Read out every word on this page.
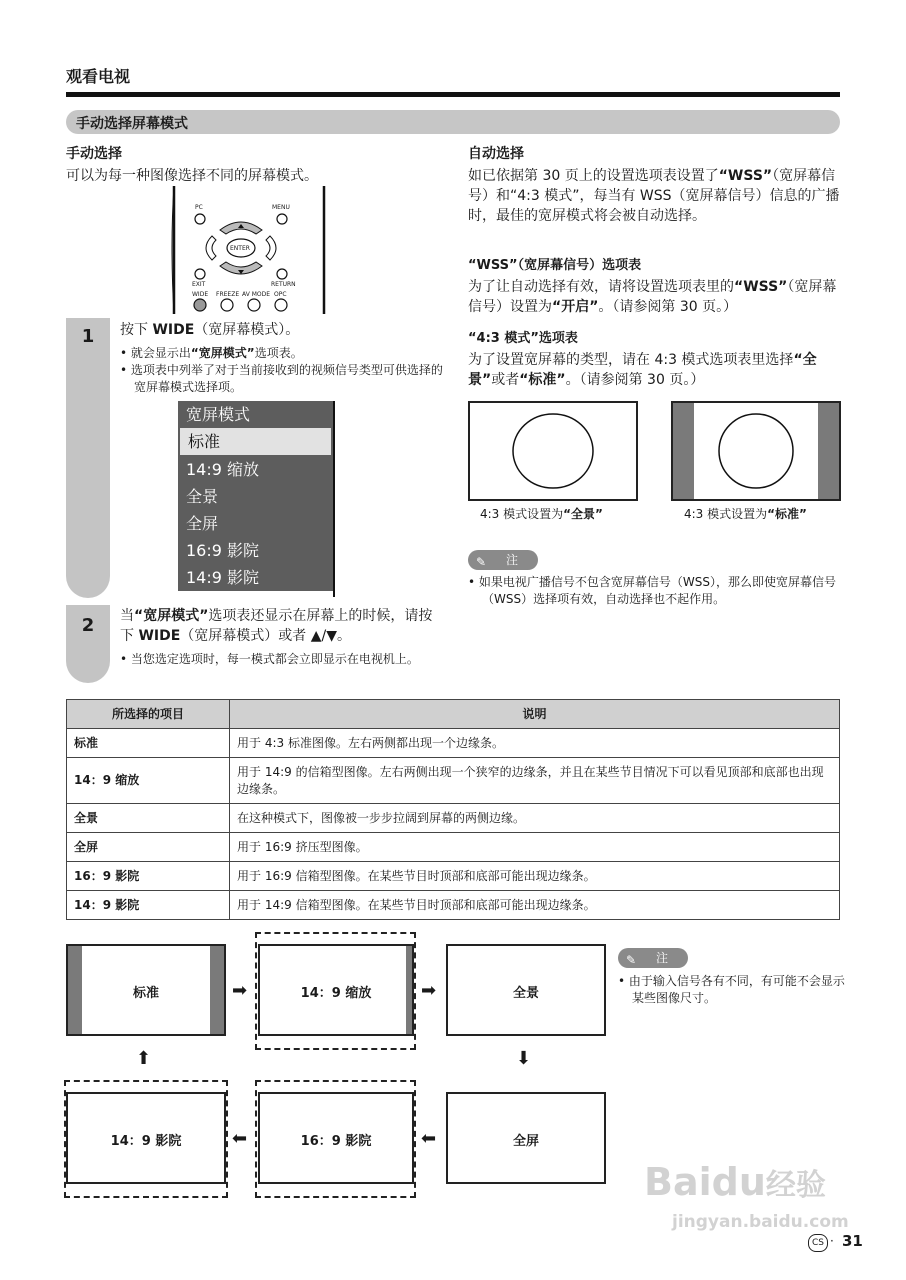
观看电视
手动选择屏幕模式
手动选择
可以为每一种图像选择不同的屏幕模式。
PC	MENU
ENTER
EXIT	RETURN
WIDE FREEZE AV MODE OPC
1	按下 WIDE（宽屏幕模式）。
• 就会显示出“宽屏模式”选项表。
• 选项表中列举了对于当前接收到的视频信号类型可供选择的宽屏幕模式选择项。
宽屏模式
标准
14:9 缩放
全景
全屏
16:9 影院
14:9 影院
2	当“宽屏模式”选项表还显示在屏幕上的时候，请按下 WIDE（宽屏幕模式）或者 ▲/▼。
• 当您选定选项时，每一模式都会立即显示在电视机上。
自动选择
如已依据第 30 页上的设置选项表设置了“WSS”（宽屏幕信号）和“4:3 模式”，每当有 WSS（宽屏幕信号）信息的广播时，最佳的宽屏模式将会被自动选择。
“WSS”（宽屏幕信号）选项表
为了让自动选择有效，请将设置选项表里的“WSS”（宽屏幕信号）设置为“开启”。（请参阅第 30 页。）
“4:3 模式”选项表
为了设置宽屏幕的类型，请在 4:3 模式选项表里选择“全景”或者“标准”。（请参阅第 30 页。）
4:3 模式设置为“全景”	4:3 模式设置为“标准”
✎ 注
• 如果电视广播信号不包含宽屏幕信号（WSS），那么即使宽屏幕信号（WSS）选择项有效，自动选择也不起作用。
所选择的项目	说明
标准	用于 4:3 标准图像。左右两侧都出现一个边缘条。
14：9 缩放	用于 14:9 的信箱型图像。左右两侧出现一个狭窄的边缘条，并且在某些节目情况下可以看见顶部和底部也出现边缘条。
全景	在这种模式下，图像被一步步拉阔到屏幕的两侧边缘。
全屏	用于 16:9 挤压型图像。
16：9 影院	用于 16:9 信箱型图像。在某些节目时顶部和底部可能出现边缘条。
14：9 影院	用于 14:9 信箱型图像。在某些节目时顶部和底部可能出现边缘条。
标准	➡	14：9 缩放	➡	全景
⬇
全屏
⬅
16：9 影院
⬅
14：9 影院
⬆
✎ 注
• 由于输入信号各有不同，有可能不会显示某些图像尺寸。
Baidu经验
jingyan.baidu.com
CS · 31
